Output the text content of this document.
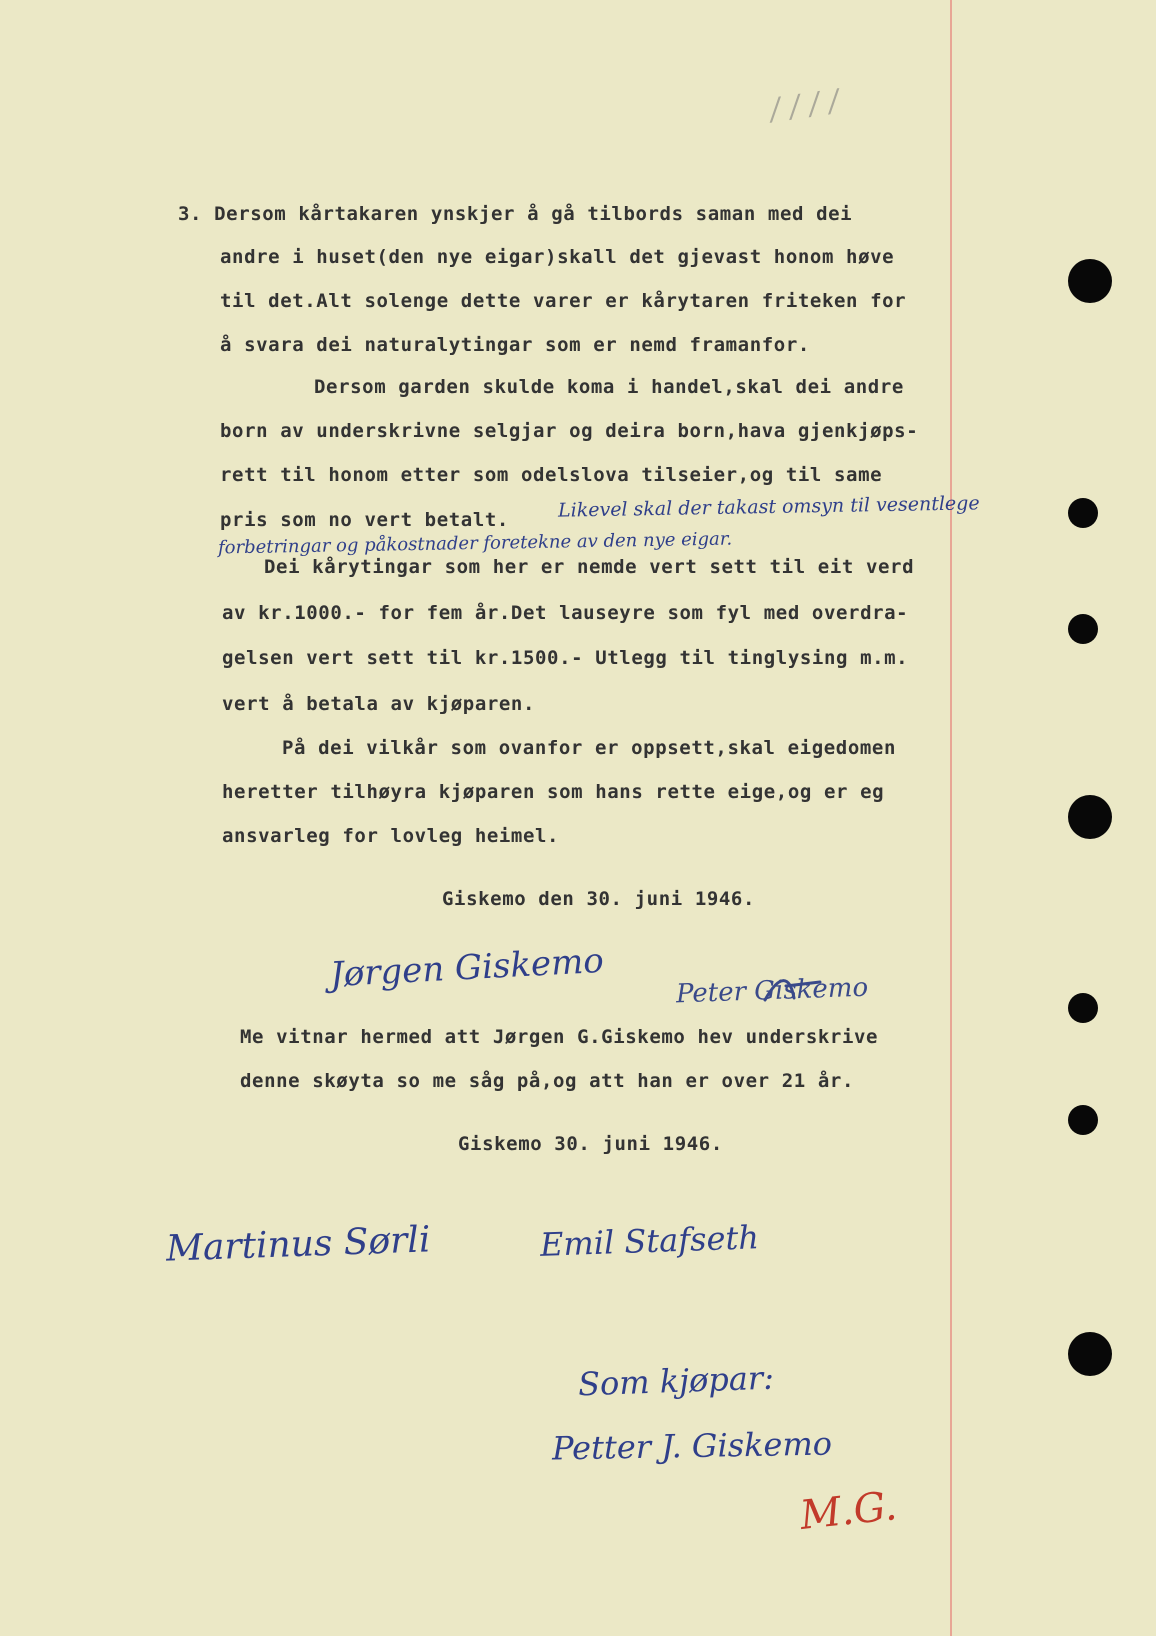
/ / / /
3. Dersom kårtakaren ynskjer å gå tilbords saman med dei
andre i huset(den nye eigar)skall det gjevast honom høve
til det.Alt solenge dette varer er kårytaren friteken for
å svara dei naturalytingar som er nemd framanfor.
Dersom garden skulde koma i handel,skal dei andre
born av underskrivne selgjar og deira born,hava gjenkjøps-
rett til honom etter som odelslova tilseier,og til same
pris som no vert betalt.	Likevel skal der takast omsyn til vesentlege
forbetringar og påkostnader foretekne av den nye eigar.
Dei kårytingar som her er nemde vert sett til eit verd
av kr.1000.- for fem år.Det lauseyre som fyl med overdra-
gelsen vert sett til kr.1500.- Utlegg til tinglysing m.m.
vert å betala av kjøparen.
På dei vilkår som ovanfor er oppsett,skal eigedomen
heretter tilhøyra kjøparen som hans rette eige,og er eg
ansvarleg for lovleg heimel.
Giskemo den 30. juni 1946.
Jørgen Giskemo	Peter Giskemo
Me vitnar hermed att Jørgen G.Giskemo hev underskrive
denne skøyta so me såg på,og att han er over 21 år.
Giskemo 30. juni 1946.
Martinus Sørli	Emil Stafseth
Som kjøpar:
Petter J. Giskemo
M.G.
